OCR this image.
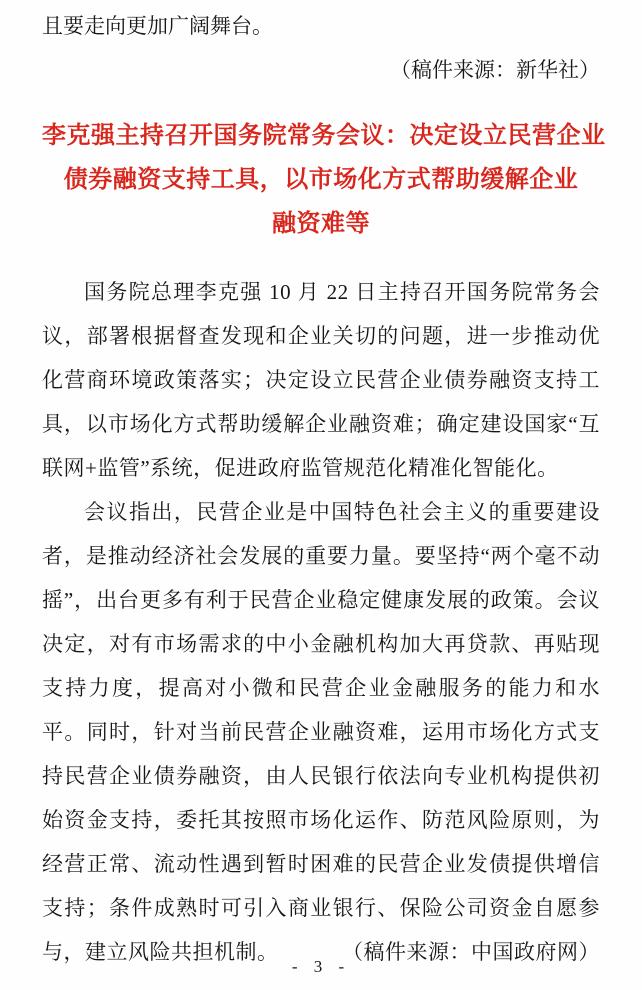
且要走向更加广阔舞台。
（稿件来源：新华社）
李克强主持召开国务院常务会议：决定设立民营企业
债券融资支持工具，以市场化方式帮助缓解企业
融资难等

国务院总理李克强 10 月 22 日主持召开国务院常务会议，部署根据督查发现和企业关切的问题，进一步推动优化营商环境政策落实；决定设立民营企业债券融资支持工具，以市场化方式帮助缓解企业融资难；确定建设国家“互联网+监管”系统，促进政府监管规范化精准化智能化。

会议指出，民营企业是中国特色社会主义的重要建设者，是推动经济社会发展的重要力量。要坚持“两个毫不动摇”，出台更多有利于民营企业稳定健康发展的政策。会议决定，对有市场需求的中小金融机构加大再贷款、再贴现支持力度，提高对小微和民营企业金融服务的能力和水平。同时，针对当前民营企业融资难，运用市场化方式支持民营企业债券融资，由人民银行依法向专业机构提供初始资金支持，委托其按照市场化运作、防范风险原则，为经营正常、流动性遇到暂时困难的民营企业发债提供增信支持；条件成熟时可引入商业银行、保险公司资金自愿参与，建立风险共担机制。	（稿件来源：中国政府网）

- 3 -
